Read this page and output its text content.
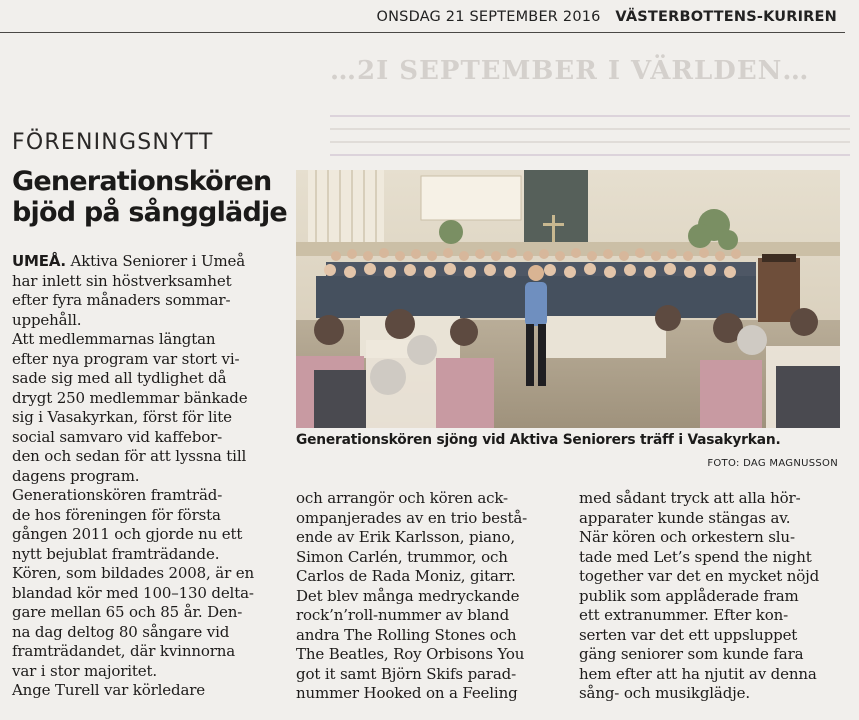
ONSDAG 21 SEPTEMBER 2016 VÄSTERBOTTENS-KURIREN
…2I SEPTEMBER I VÄRLDEN…
FÖRENINGSNYTT
Generationskören bjöd på sångglädje
UMEÅ. Aktiva Seniorer i Umeå
har inlett sin höstverksamhet
efter fyra månaders sommar-
uppehåll.
Att medlemmarnas längtan
efter nya program var stort vi-
sade sig med all tydlighet då
drygt 250 medlemmar bänkade
sig i Vasakyrkan, först för lite
social samvaro vid kaffebor-
den och sedan för att lyssna till
dagens program.
Generationskören framträd-
de hos föreningen för första
gången 2011 och gjorde nu ett
nytt bejublat framträdande.
Kören, som bildades 2008, är en
blandad kör med 100–130 delta-
gare mellan 65 och 85 år. Den-
na dag deltog 80 sångare vid
framträdandet, där kvinnorna
var i stor majoritet.
Ange Turell var körledare
Generationskören sjöng vid Aktiva Seniorers träff i Vasakyrkan.
FOTO: DAG MAGNUSSON
och arrangör och kören ack-
ompanjerades av en trio bestå-
ende av Erik Karlsson, piano,
Simon Carlén, trummor, och
Carlos de Rada Moniz, gitarr.
Det blev många medryckande
rock’n’roll-nummer av bland
andra The Rolling Stones och
The Beatles, Roy Orbisons You
got it samt Björn Skifs parad-
nummer Hooked on a Feeling
med sådant tryck att alla hör-
apparater kunde stängas av.
När kören och orkestern slu-
tade med Let’s spend the night
together var det en mycket nöjd
publik som applåderade fram
ett extranummer. Efter kon-
serten var det ett uppsluppet
gäng seniorer som kunde fara
hem efter att ha njutit av denna
sång- och musikglädje.
